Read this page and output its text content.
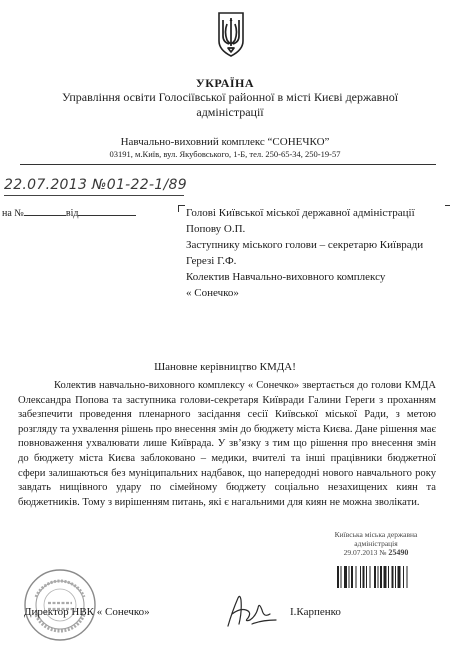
УКРАЇНА
Управління освіти Голосіївської районної в місті Києві державної адміністрації
Навчально-виховний комплекс “СОНЕЧКО”
03191, м.Київ, вул. Якубовського, 1-Б, тел. 250-65-34, 250-19-57
22.07.2013 №01-22-1/89
на №	від	Голові Київської міської державної адміністрації
Попову О.П.
Заступнику міського голови – секретарю Київради
Герезі Г.Ф.
Колектив Навчально-виховного комплексу
« Сонечко»
Шановне керівництво КМДА!

Колектив навчально-виховного комплексу « Сонечко» звертається до голови КМДА Олександра Попова та заступника голови-секретаря Київради Галини Гереги з проханням забезпечити проведення пленарного засідання сесії Київської міської Ради, з метою розгляду та ухвалення рішень про внесення змін до бюджету міста Києва. Дане рішення має повноваження ухвалювати лише Київрада. У зв’язку з тим що рішення про внесення змін до бюджету міста Києва заблоковано – медики, вчителі та інші працівники бюджетної сфери залишаються без муніципальних надбавок, що напередодні нового навчального року завдать нищівного удару по сімейному бюджету соціально незахищених киян та бюджетників. Тому з вирішенням питань, які є нагальними для киян не можна зволікати.

Київська міська державна
адміністрація
29.07.2013 № 25490
Директор НВК « Сонечко»	І.Карпенко
